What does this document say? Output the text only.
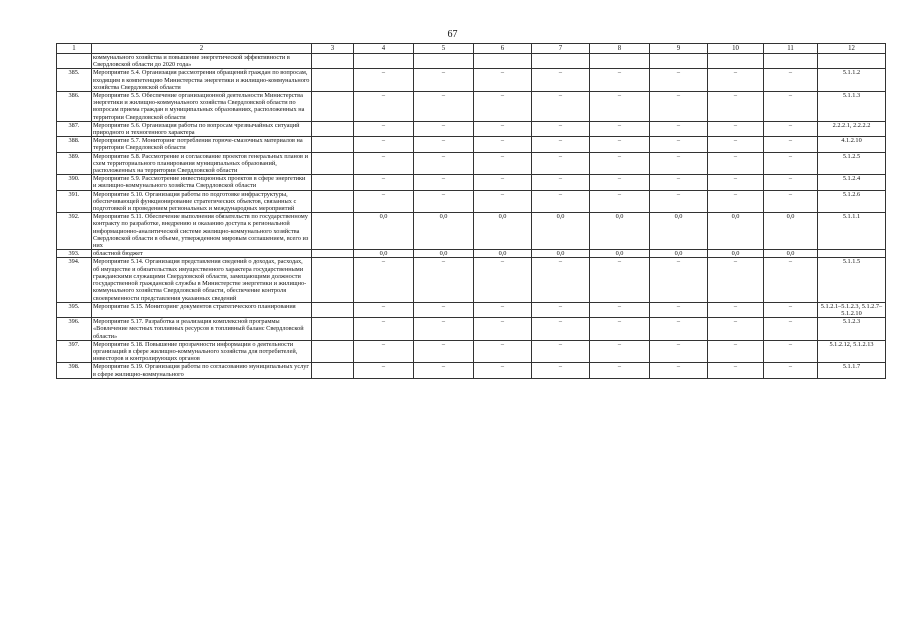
67
1	2	3	4	5	6	7	8	9	10	11	12
	коммунального хозяйства и повышение энергетической эффективности в Свердловской области до 2020 года»										
385.	Мероприятие 5.4. Организация рассмотрения обращений граждан по вопросам, входящим в компетенцию Министерства энергетики и жилищно-коммунального хозяйства Свердловской области		–	–	–	–	–	–	–	–	5.1.1.2
386.	Мероприятие 5.5. Обеспечение организационной деятельности Министерства энергетики и жилищно-коммунального хозяйства Свердловской области по вопросам приема граждан в муниципальных образованиях, расположенных на территории Свердловской области		–	–	–	–	–	–	–	–	5.1.1.3
387.	Мероприятие 5.6. Организация работы по вопросам чрезвычайных ситуаций природного и техногенного характера		–	–	–	–	–	–	–	–	2.2.2.1, 2.2.2.2
388.	Мероприятие 5.7. Мониторинг потребления горюче-смазочных материалов на территории Свердловской области		–	–	–	–	–	–	–	–	4.1.2.10
389.	Мероприятие 5.8. Рассмотрение и согласование проектов генеральных планов и схем территориального планирования муниципальных образований, расположенных на территории Свердловской области		–	–	–	–	–	–	–	–	5.1.2.5
390.	Мероприятие 5.9. Рассмотрение инвестиционных проектов в сфере энергетики и жилищно-коммунального хозяйства Свердловской области		–	–	–	–	–	–	–	–	5.1.2.4
391.	Мероприятие 5.10. Организация работы по подготовке инфраструктуры, обеспечивающей функционирование стратегических объектов, связанных с подготовкой и проведением региональных и международных мероприятий		–	–	–	–	–	–	–	–	5.1.2.6
392.	Мероприятие 5.11. Обеспечение выполнения обязательств по государственному контракту по разработке, внедрению и оказанию доступа к региональной информационно-аналитической системе жилищно-коммунального хозяйства Свердловской области в объеме, утвержденном мировым соглашением, всего из них		0,0	0,0	0,0	0,0	0,0	0,0	0,0	0,0	5.1.1.1
393.	областной бюджет		0,0	0,0	0,0	0,0	0,0	0,0	0,0	0,0	
394.	Мероприятие 5.14. Организация представления сведений о доходах, расходах, об имуществе и обязательствах имущественного характера государственными гражданскими служащими Свердловской области, замещающими должности государственной гражданской службы в Министерстве энергетики и жилищно-коммунального хозяйства Свердловской области, обеспечение контроля своевременности представления указанных сведений		–	–	–	–	–	–	–	–	5.1.1.5
395.	Мероприятие 5.15. Мониторинг документов стратегического планирования		–	–	–	–	–	–	–	–	5.1.2.1–5.1.2.3, 5.1.2.7–5.1.2.10
396.	Мероприятие 5.17. Разработка и реализация комплексной программы «Вовлечение местных топливных ресурсов в топливный баланс Свердловской области»		–	–	–	–	–	–	–	–	5.1.2.3
397.	Мероприятие 5.18. Повышение прозрачности информации о деятельности организаций в сфере жилищно-коммунального хозяйства для потребителей, инвесторов и контролирующих органов		–	–	–	–	–	–	–	–	5.1.2.12, 5.1.2.13
398.	Мероприятие 5.19. Организация работы по согласованию муниципальных услуг в сфере жилищно-коммунального		–	–	–	–	–	–	–	–	5.1.1.7
